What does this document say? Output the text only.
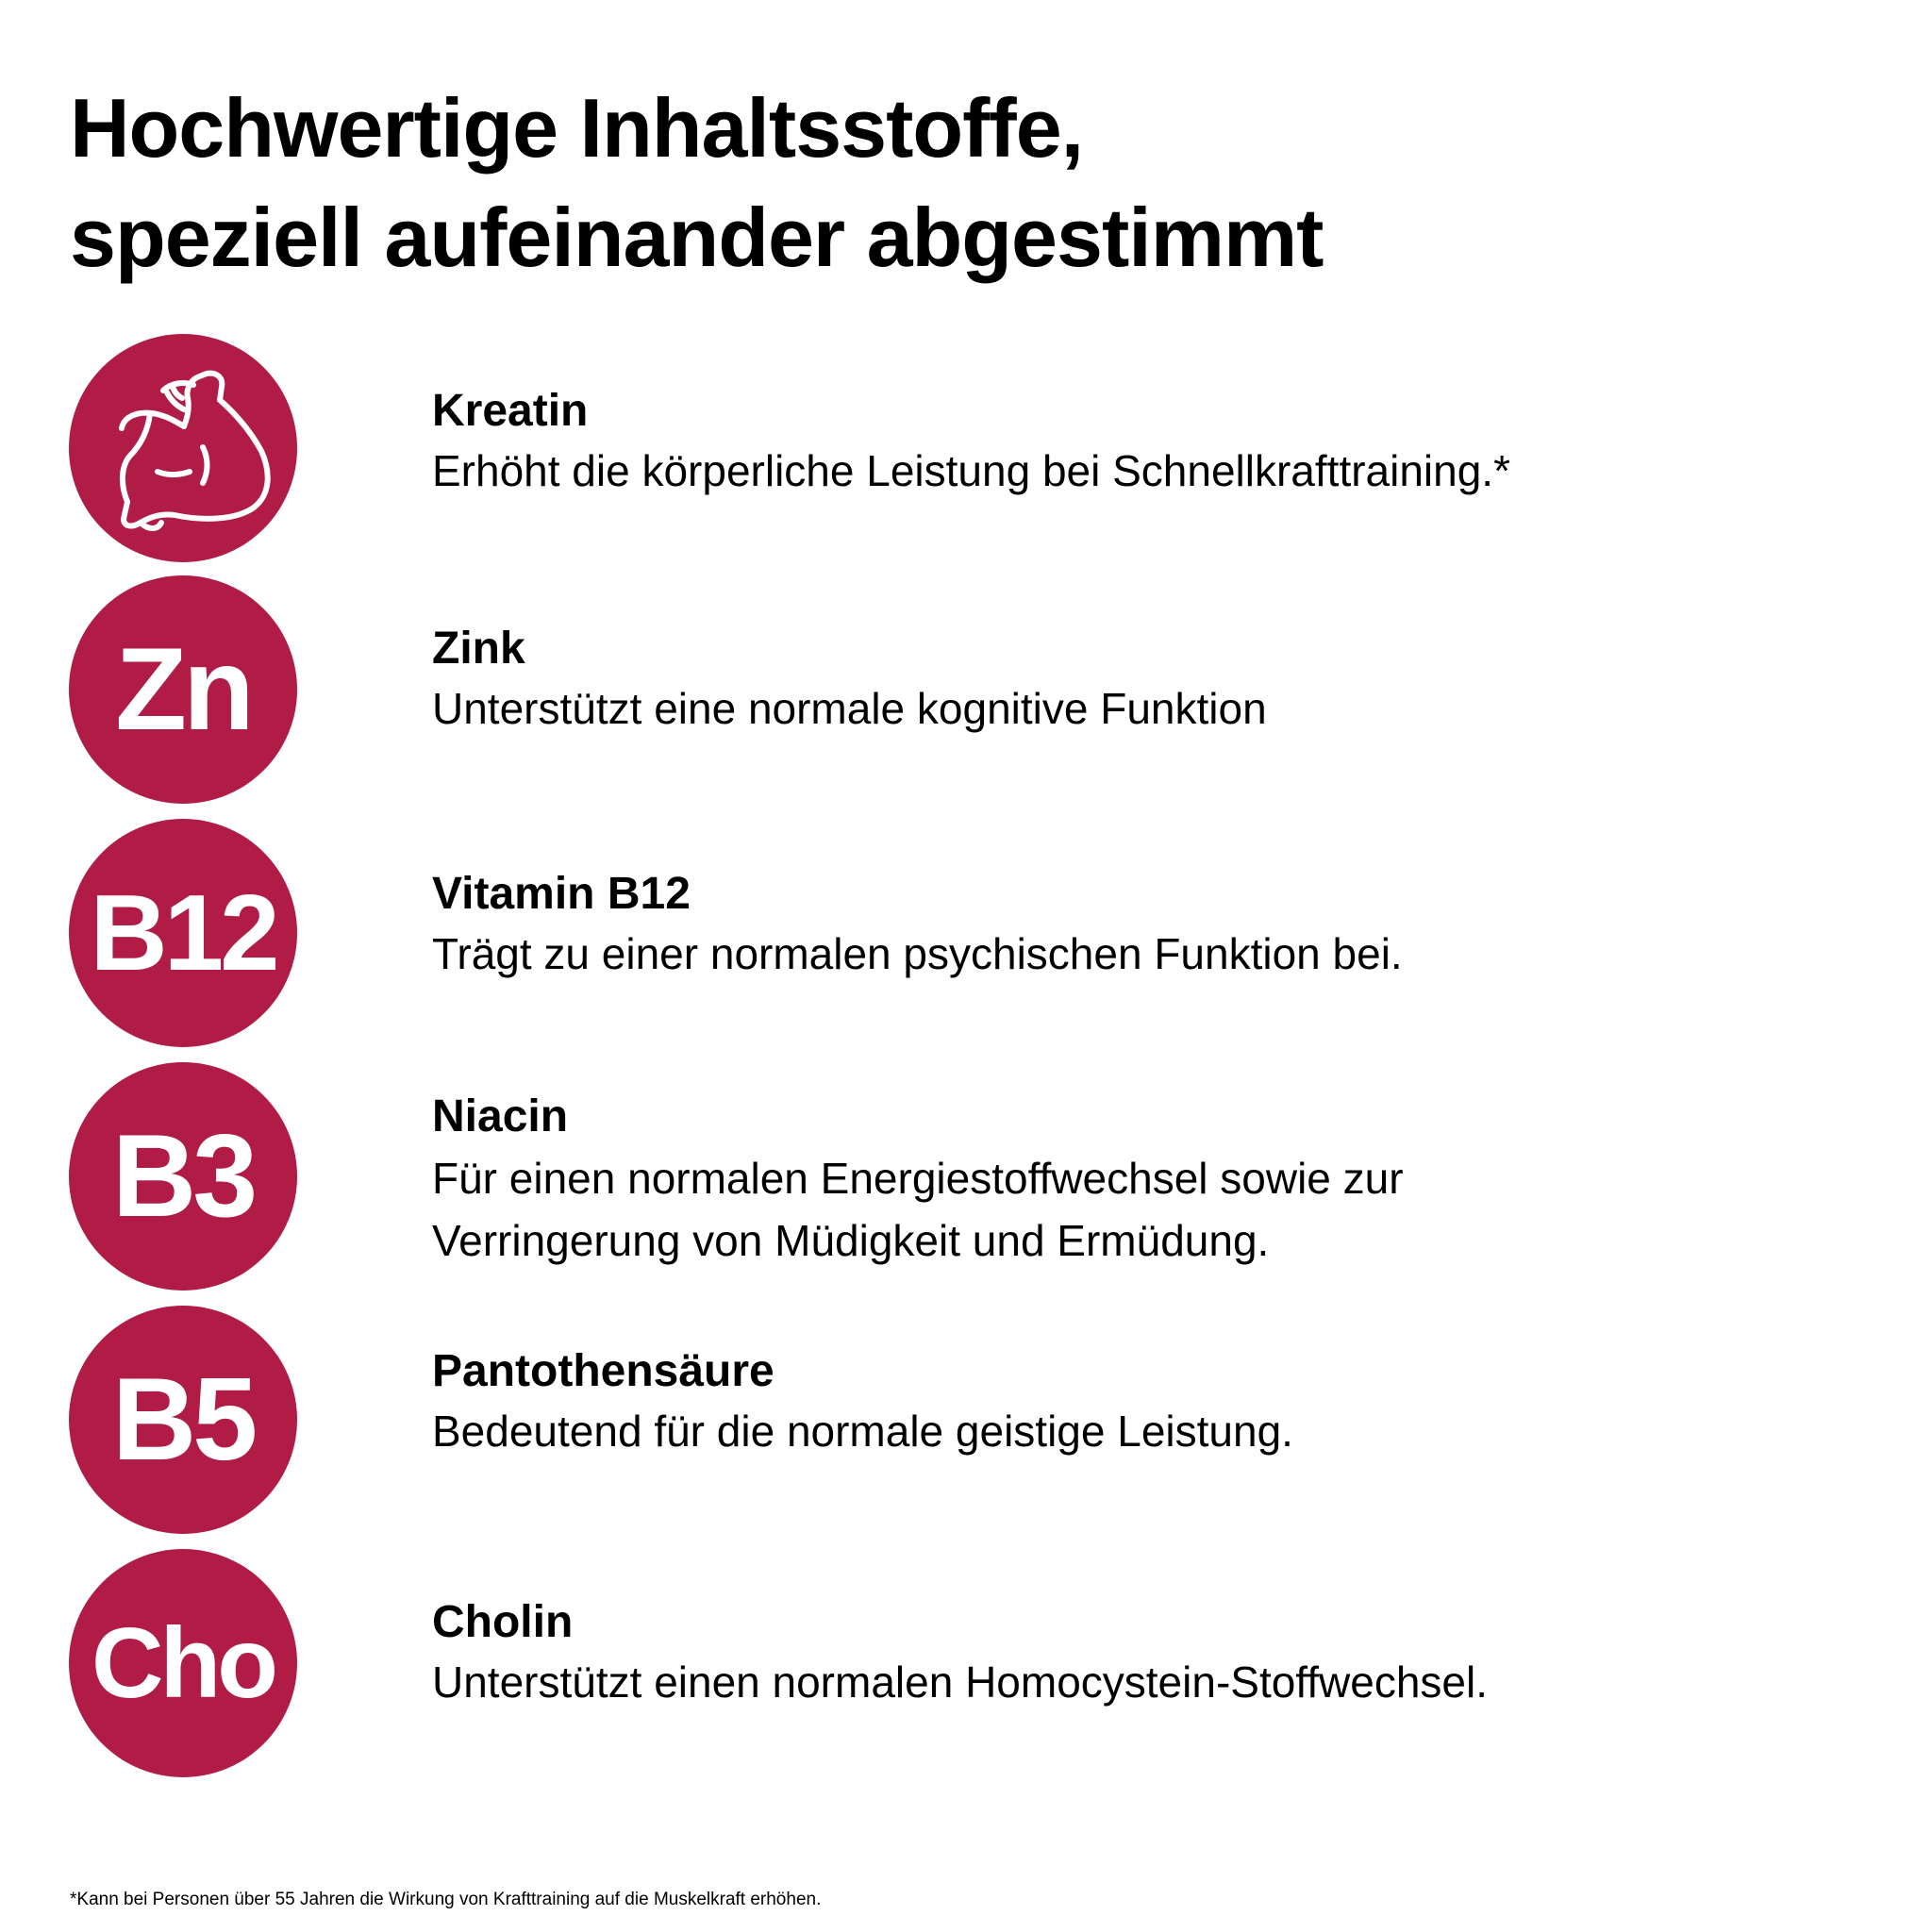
Hochwertige Inhaltsstoffe,
speziell aufeinander abgestimmt

Kreatin

Erhöht die körperliche Leistung bei Schnellkrafttraining.*

Zn	Zink

Unterstützt eine normale kognitive Funktion

B12	Vitamin B12

Trägt zu einer normalen psychischen Funktion bei.

B3	Niacin

Für einen normalen Energiestoffwechsel sowie zur Verringerung von Müdigkeit und Ermüdung.

B5	Pantothensäure

Bedeutend für die normale geistige Leistung.

Cho	Cholin

Unterstützt einen normalen Homocystein-Stoffwechsel.

*Kann bei Personen über 55 Jahren die Wirkung von Krafttraining auf die Muskelkraft erhöhen.
